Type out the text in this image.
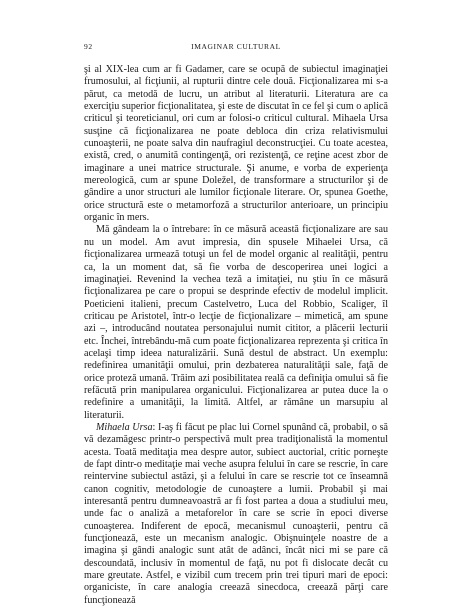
92	IMAGINAR CULTURAL

şi al XIX-lea cum ar fi Gadamer, care se ocupă de subiectul imaginaţiei frumosului, al ficţiunii, al rupturii dintre cele două. Ficţionalizarea mi s-a părut, ca metodă de lucru, un atribut al literaturii. Literatura are ca exerciţiu superior ficţionalitatea, şi este de discutat în ce fel şi cum o aplică criticul şi teoreticianul, ori cum ar folosi-o criticul cultural. Mihaela Ursa susţine că ficţionalizarea ne poate debloca din criza relativismului cunoaşterii, ne poate salva din naufragiul deconstrucţiei. Cu toate acestea, există, cred, o anumită contingenţă, ori rezistenţă, ce reţine acest zbor de imaginare a unei matrice structurale. Şi anume, e vorba de experienţa mereologică, cum ar spune Doležel, de transformare a structurilor şi de gândire a unor structuri ale lumilor ficţionale literare. Or, spunea Goethe, orice structură este o metamorfoză a structurilor anterioare, un principiu organic în mers.

Mă gândeam la o întrebare: în ce măsură această ficţionalizare are sau nu un model. Am avut impresia, din spusele Mihaelei Ursa, că ficţionalizarea urmează totuşi un fel de model organic al realităţii, pentru ca, la un moment dat, să fie vorba de descoperirea unei logici a imaginaţiei. Revenind la vechea teză a imitaţiei, nu ştiu în ce măsură ficţionalizarea pe care o propui se desprinde efectiv de modelul implicit. Poeticieni italieni, precum Castelvetro, Luca del Robbio, Scaliger, îl criticau pe Aristotel, într-o lecţie de ficţionalizare – mimetică, am spune azi –, introducând noutatea personajului numit cititor, a plăcerii lecturii etc. Închei, întrebându-mă cum poate ficţionalizarea reprezenta şi critica în acelaşi timp ideea naturalizării. Sună destul de abstract. Un exemplu: redefinirea umanităţii omului, prin dezbaterea naturalităţii sale, faţă de orice proteză umană. Trăim azi posibilitatea reală ca definiţia omului să fie refăcută prin manipularea organicului. Ficţionalizarea ar putea duce la o redefinire a umanităţii, la limită. Altfel, ar rămâne un marsupiu al literaturii.

Mihaela Ursa: I-aş fi făcut pe plac lui Cornel spunând că, probabil, o să vă dezamăgesc printr-o perspectivă mult prea tradiţionalistă la momentul acesta. Toată meditaţia mea despre autor, subiect auctorial, critic porneşte de fapt dintr-o meditaţie mai veche asupra felului în care se rescrie, în care reintervine subiectul astăzi, şi a felului în care se rescrie tot ce înseamnă canon cognitiv, metodologie de cunoaştere a lumii. Probabil şi mai interesantă pentru dumneavoastră ar fi fost partea a doua a studiului meu, unde fac o analiză a metaforelor în care se scrie în epoci diverse cunoaşterea. Indiferent de epocă, mecanismul cunoaşterii, pentru că funcţionează, este un mecanism analogic. Obişnuinţele noastre de a imagina şi gândi analogic sunt atât de adânci, încât nici mi se pare că descoundată, inclusiv în momentul de faţă, nu pot fi dislocate decât cu mare greutate. Astfel, e vizibil cum trecem prin trei tipuri mari de epoci: organiciste, în care analogia creează sinecdoca, creează părţi care funcţionează
